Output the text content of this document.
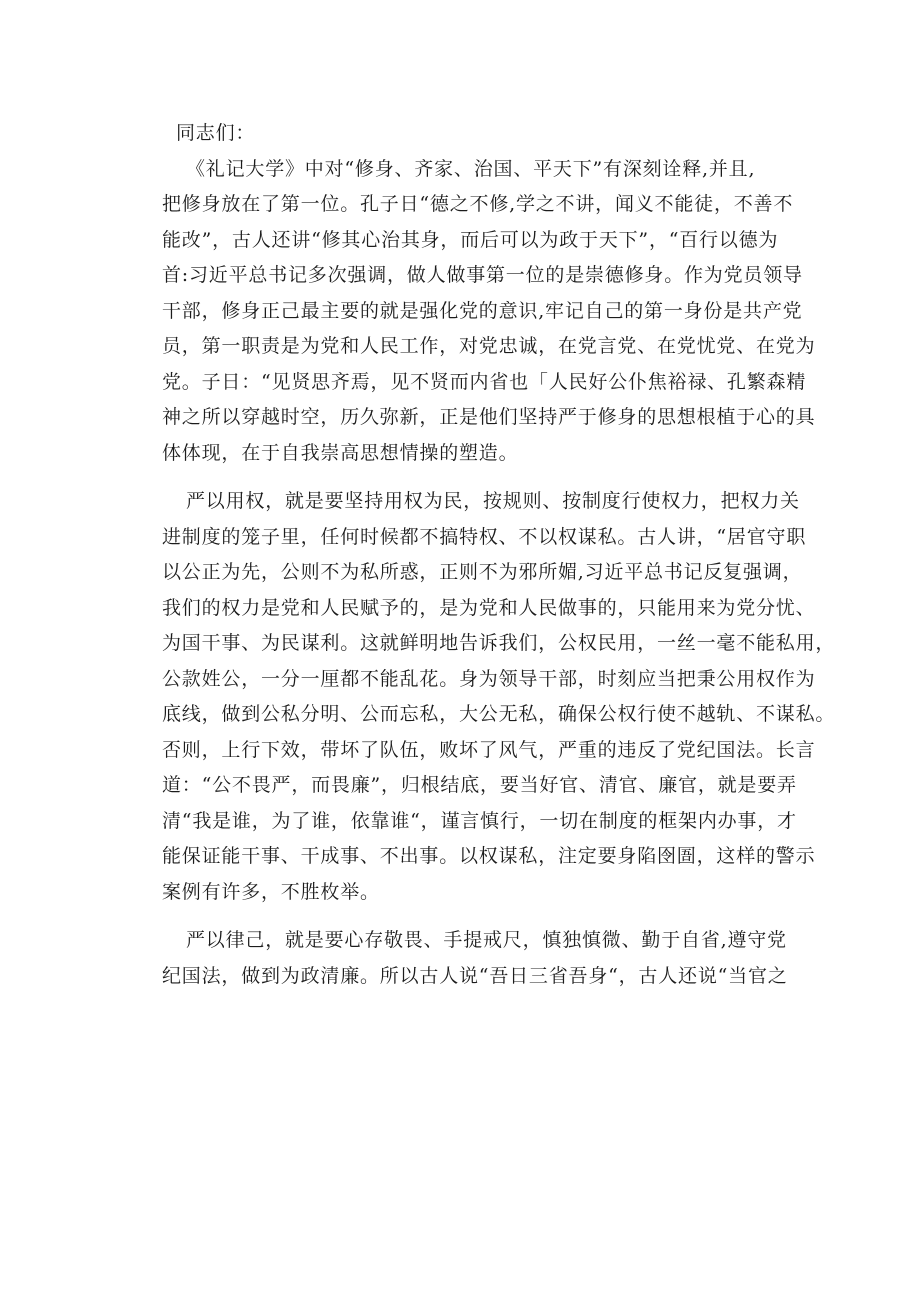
同志们：

《礼记大学》中对“修身、齐家、治国、平天下”有深刻诠释,并且,
把修身放在了第一位。孔子日“德之不修,学之不讲，闻义不能徒，不善不
能改”，古人还讲“修其心治其身，而后可以为政于天下”，“百行以德为
首:习近平总书记多次强调，做人做事第一位的是崇德修身。作为党员领导
干部，修身正己最主要的就是强化党的意识,牢记自己的第一身份是共产党
员，第一职责是为党和人民工作，对党忠诚，在党言党、在党忧党、在党为
党。子日：“见贤思齐焉，见不贤而内省也「人民好公仆焦裕禄、孔繁森精
神之所以穿越时空，历久弥新，正是他们坚持严于修身的思想根植于心的具
体体现，在于自我崇高思想情操的塑造。

严以用权，就是要坚持用权为民，按规则、按制度行使权力，把权力关
进制度的笼子里，任何时候都不搞特权、不以权谋私。古人讲，“居官守职
以公正为先，公则不为私所惑，正则不为邪所媚,习近平总书记反复强调，
我们的权力是党和人民赋予的，是为党和人民做事的，只能用来为党分忧、
为国干事、为民谋利。这就鲜明地告诉我们，公权民用，一丝一毫不能私用，
公款姓公，一分一厘都不能乱花。身为领导干部，时刻应当把秉公用权作为
底线，做到公私分明、公而忘私，大公无私，确保公权行使不越轨、不谋私。
否则，上行下效，带坏了队伍，败坏了风气，严重的违反了党纪国法。长言
道：“公不畏严，而畏廉”，归根结底，要当好官、清官、廉官，就是要弄
清“我是谁，为了谁，依靠谁“，谨言慎行，一切在制度的框架内办事，才
能保证能干事、干成事、不出事。以权谋私，注定要身陷囹圄，这样的警示
案例有许多，不胜枚举。

严以律己，就是要心存敬畏、手提戒尺，慎独慎微、勤于自省,遵守党
纪国法，做到为政清廉。所以古人说“吾日三省吾身“，古人还说“当官之
